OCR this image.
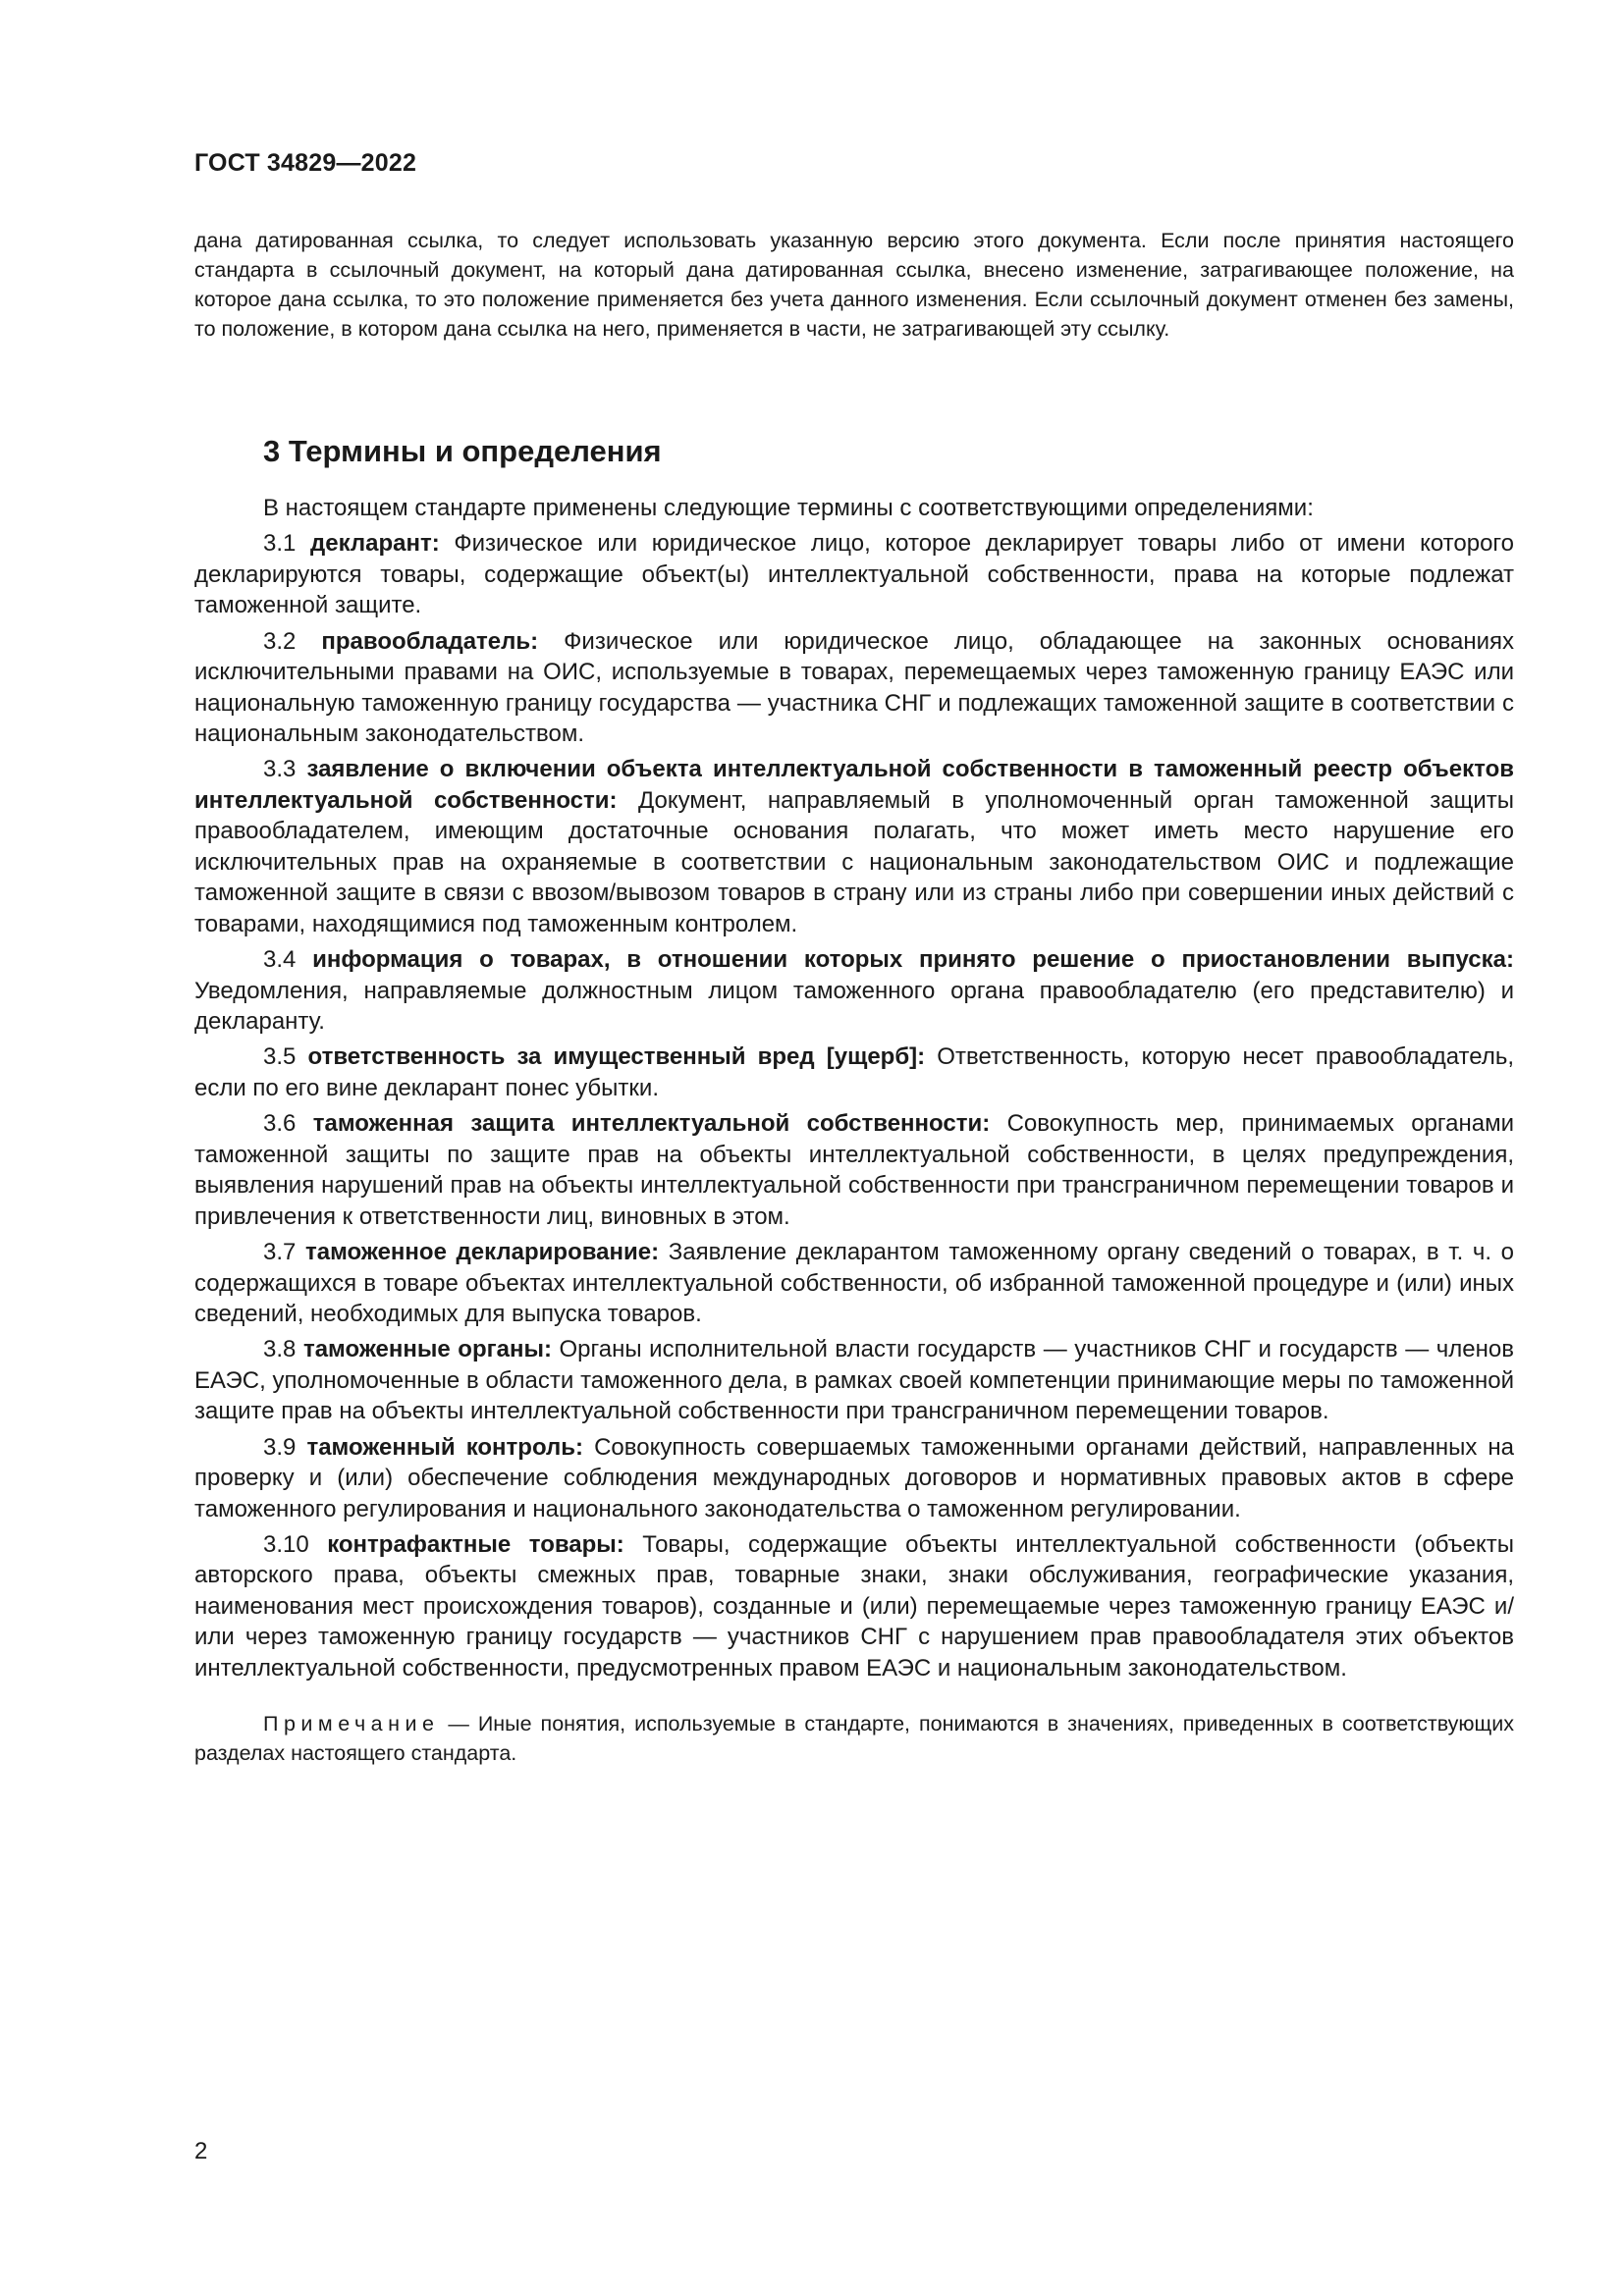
ГОСТ 34829—2022

дана датированная ссылка, то следует использовать указанную версию этого документа. Если после принятия настоящего стандарта в ссылочный документ, на который дана датированная ссылка, внесено изменение, затрагивающее положение, на которое дана ссылка, то это положение применяется без учета данного изменения. Если ссылочный документ отменен без замены, то положение, в котором дана ссылка на него, применяется в части, не затрагивающей эту ссылку.

3 Термины и определения

В настоящем стандарте применены следующие термины с соответствующими определениями:

3.1 декларант: Физическое или юридическое лицо, которое декларирует товары либо от имени которого декларируются товары, содержащие объект(ы) интеллектуальной собственности, права на которые подлежат таможенной защите.

3.2 правообладатель: Физическое или юридическое лицо, обладающее на законных основаниях исключительными правами на ОИС, используемые в товарах, перемещаемых через таможенную границу ЕАЭС или национальную таможенную границу государства — участника СНГ и подлежащих таможенной защите в соответствии с национальным законодательством.

3.3 заявление о включении объекта интеллектуальной собственности в таможенный реестр объектов интеллектуальной собственности: Документ, направляемый в уполномоченный орган таможенной защиты правообладателем, имеющим достаточные основания полагать, что может иметь место нарушение его исключительных прав на охраняемые в соответствии с национальным законодательством ОИС и подлежащие таможенной защите в связи с ввозом/вывозом товаров в страну или из страны либо при совершении иных действий с товарами, находящимися под таможенным контролем.

3.4 информация о товарах, в отношении которых принято решение о приостановлении выпуска: Уведомления, направляемые должностным лицом таможенного органа правообладателю (его представителю) и декларанту.

3.5 ответственность за имущественный вред [ущерб]: Ответственность, которую несет правообладатель, если по его вине декларант понес убытки.

3.6 таможенная защита интеллектуальной собственности: Совокупность мер, принимаемых органами таможенной защиты по защите прав на объекты интеллектуальной собственности, в целях предупреждения, выявления нарушений прав на объекты интеллектуальной собственности при трансграничном перемещении товаров и привлечения к ответственности лиц, виновных в этом.

3.7 таможенное декларирование: Заявление декларантом таможенному органу сведений о товарах, в т. ч. о содержащихся в товаре объектах интеллектуальной собственности, об избранной таможенной процедуре и (или) иных сведений, необходимых для выпуска товаров.

3.8 таможенные органы: Органы исполнительной власти государств — участников СНГ и государств — членов ЕАЭС, уполномоченные в области таможенного дела, в рамках своей компетенции принимающие меры по таможенной защите прав на объекты интеллектуальной собственности при трансграничном перемещении товаров.

3.9 таможенный контроль: Совокупность совершаемых таможенными органами действий, направленных на проверку и (или) обеспечение соблюдения международных договоров и нормативных правовых актов в сфере таможенного регулирования и национального законодательства о таможенном регулировании.

3.10 контрафактные товары: Товары, содержащие объекты интеллектуальной собственности (объекты авторского права, объекты смежных прав, товарные знаки, знаки обслуживания, географические указания, наименования мест происхождения товаров), созданные и (или) перемещаемые через таможенную границу ЕАЭС и/или через таможенную границу государств — участников СНГ с нарушением прав правообладателя этих объектов интеллектуальной собственности, предусмотренных правом ЕАЭС и национальным законодательством.

Примечание — Иные понятия, используемые в стандарте, понимаются в значениях, приведенных в соответствующих разделах настоящего стандарта.

2
